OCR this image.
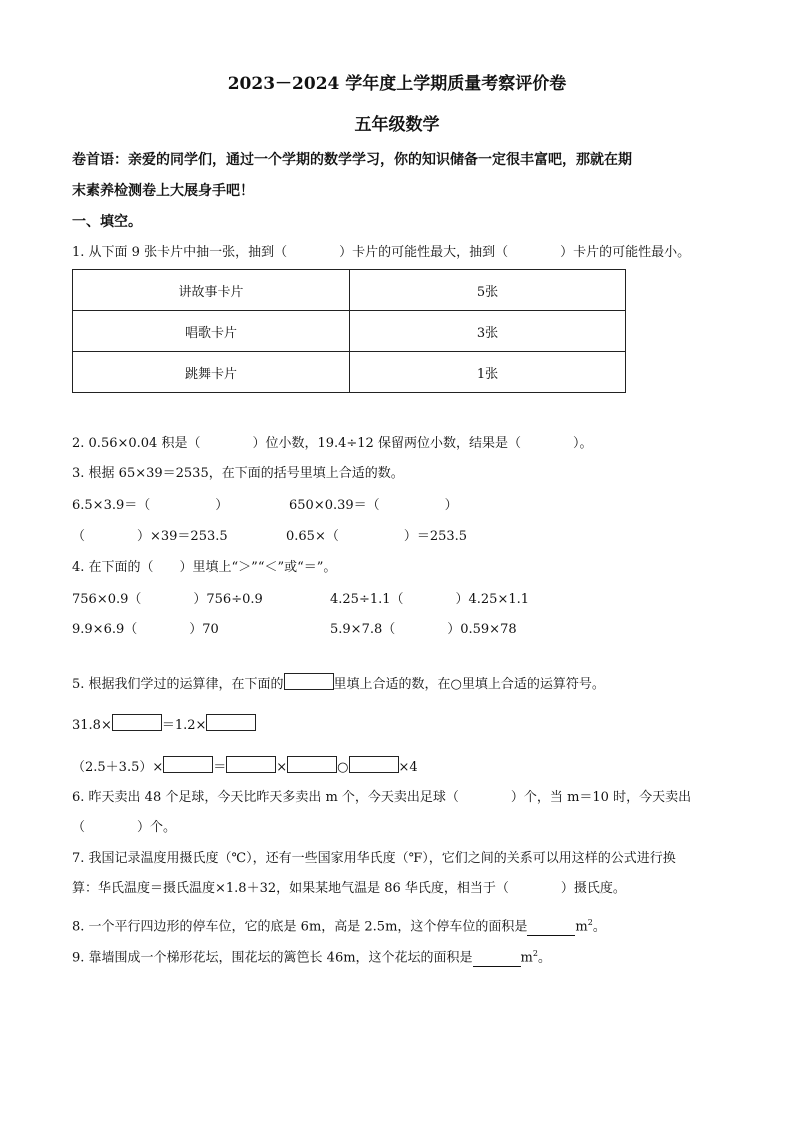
2023－2024 学年度上学期质量考察评价卷
五年级数学
卷首语：亲爱的同学们，通过一个学期的数学学习，你的知识储备一定很丰富吧，那就在期
末素养检测卷上大展身手吧！
一、填空。
1. 从下面 9 张卡片中抽一张，抽到（　　　　）卡片的可能性最大，抽到（　　　　）卡片的可能性最小。
讲故事卡片	5张
唱歌卡片	3张
跳舞卡片	1张
2. 0.56×0.04 积是（　　　　）位小数，19.4÷12 保留两位小数，结果是（　　　　）。
3. 根据 65×39＝2535，在下面的括号里填上合适的数。
6.5×3.9＝（　　　　　）	650×0.39＝（　　　　　）
（　　　　）×39＝253.5	0.65×（　　　　　）＝253.5
4. 在下面的（　　）里填上“＞”“＜”或“＝”。
756×0.9（　　　　）756÷0.9	4.25÷1.1（　　　　）4.25×1.1
9.9×6.9（　　　　）70	5.9×7.8（　　　　）0.59×78
5. 根据我们学过的运算律，在下面的	里填上合适的数，在○里填上合适的运算符号。
31.8×	＝1.2×
（2.5＋3.5）×	＝	×	○	×4
6. 昨天卖出 48 个足球，今天比昨天多卖出 m 个，今天卖出足球（　　　　）个，当 m＝10 时，今天卖出
（　　　　）个。
7. 我国记录温度用摄氏度（℃），还有一些国家用华氏度（℉），它们之间的关系可以用这样的公式进行换
算：华氏温度＝摄氏温度×1.8＋32，如果某地气温是 86 华氏度，相当于（　　　　）摄氏度。
8. 一个平行四边形的停车位，它的底是 6m，高是 2.5m，这个停车位的面积是	$m^2$。
9. 靠墙围成一个梯形花坛，围花坛的篱笆长 46m，这个花坛的面积是	$m^2$。
